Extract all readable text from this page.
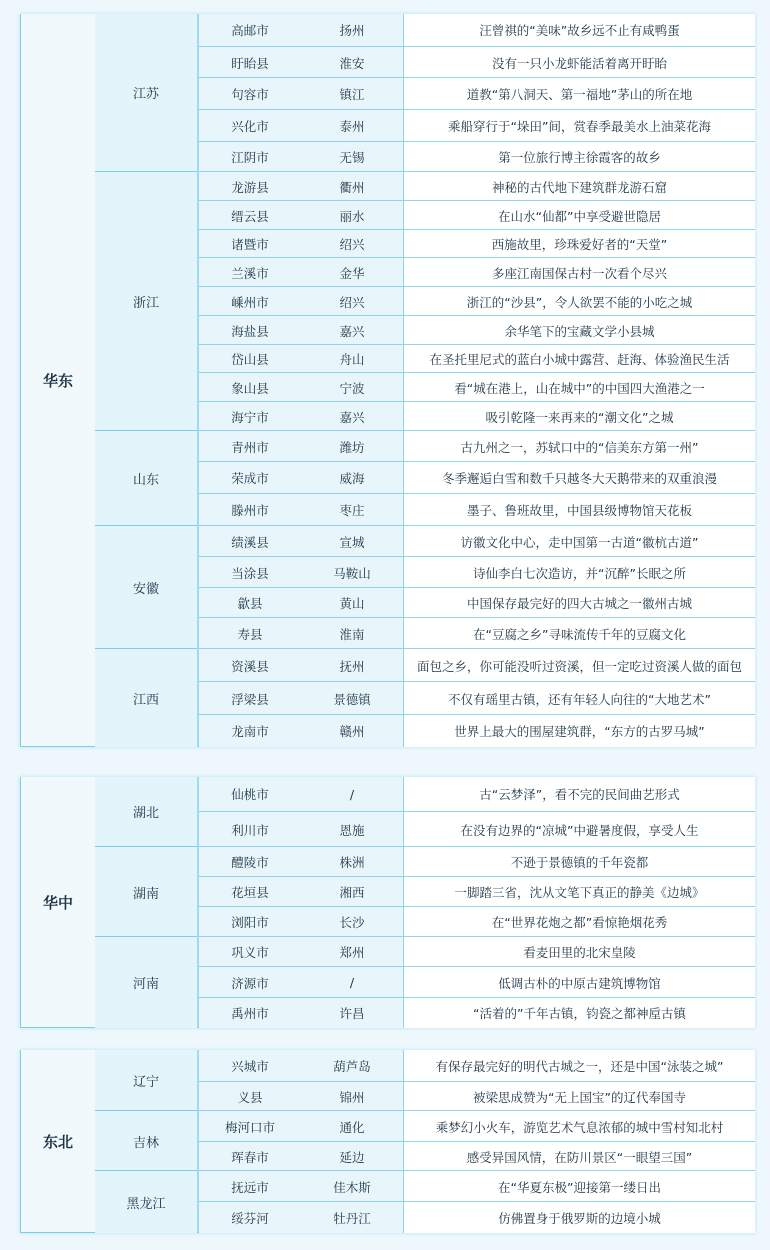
华东
江苏
高邮市	扬州	汪曾祺的“美味”故乡远不止有咸鸭蛋
盱眙县	淮安	没有一只小龙虾能活着离开盱眙
句容市	镇江	道教“第八洞天、第一福地”茅山的所在地
兴化市	泰州	乘船穿行于“垛田”间，赏春季最美水上油菜花海
江阴市	无锡	第一位旅行博主徐霞客的故乡
浙江
龙游县	衢州	神秘的古代地下建筑群龙游石窟
缙云县	丽水	在山水“仙都”中享受避世隐居
诸暨市	绍兴	西施故里，珍珠爱好者的“天堂”
兰溪市	金华	多座江南国保古村一次看个尽兴
嵊州市	绍兴	浙江的“沙县”，令人欲罢不能的小吃之城
海盐县	嘉兴	余华笔下的宝藏文学小县城
岱山县	舟山	在圣托里尼式的蓝白小城中露营、赶海、体验渔民生活
象山县	宁波	看“城在港上，山在城中”的中国四大渔港之一
海宁市	嘉兴	吸引乾隆一来再来的“潮文化”之城
山东
青州市	潍坊	古九州之一，苏轼口中的“信美东方第一州”
荣成市	威海	冬季邂逅白雪和数千只越冬大天鹅带来的双重浪漫
滕州市	枣庄	墨子、鲁班故里，中国县级博物馆天花板
安徽
绩溪县	宣城	访徽文化中心，走中国第一古道“徽杭古道”
当涂县	马鞍山	诗仙李白七次造访，并“沉醉”长眠之所
歙县	黄山	中国保存最完好的四大古城之一徽州古城
寿县	淮南	在“豆腐之乡”寻味流传千年的豆腐文化
江西
资溪县	抚州	面包之乡，你可能没听过资溪，但一定吃过资溪人做的面包
浮梁县	景德镇	不仅有瑶里古镇，还有年轻人向往的“大地艺术”
龙南市	赣州	世界上最大的围屋建筑群，“东方的古罗马城”
华中
湖北
仙桃市	/	古“云梦泽”，看不完的民间曲艺形式
利川市	恩施	在没有边界的“凉城”中避暑度假，享受人生
湖南
醴陵市	株洲	不逊于景德镇的千年瓷都
花垣县	湘西	一脚踏三省，沈从文笔下真正的静美《边城》
浏阳市	长沙	在“世界花炮之都”看惊艳烟花秀
河南
巩义市	郑州	看麦田里的北宋皇陵
济源市	/	低调古朴的中原古建筑博物馆
禹州市	许昌	“活着的”千年古镇，钧瓷之都神垕古镇
东北
辽宁
兴城市	葫芦岛	有保存最完好的明代古城之一，还是中国“泳装之城”
义县	锦州	被梁思成赞为“无上国宝”的辽代奉国寺
吉林
梅河口市	通化	乘梦幻小火车，游览艺术气息浓郁的城中雪村知北村
珲春市	延边	感受异国风情，在防川景区“一眼望三国”
黑龙江
抚远市	佳木斯	在“华夏东极”迎接第一缕日出
绥芬河	牡丹江	仿佛置身于俄罗斯的边境小城
